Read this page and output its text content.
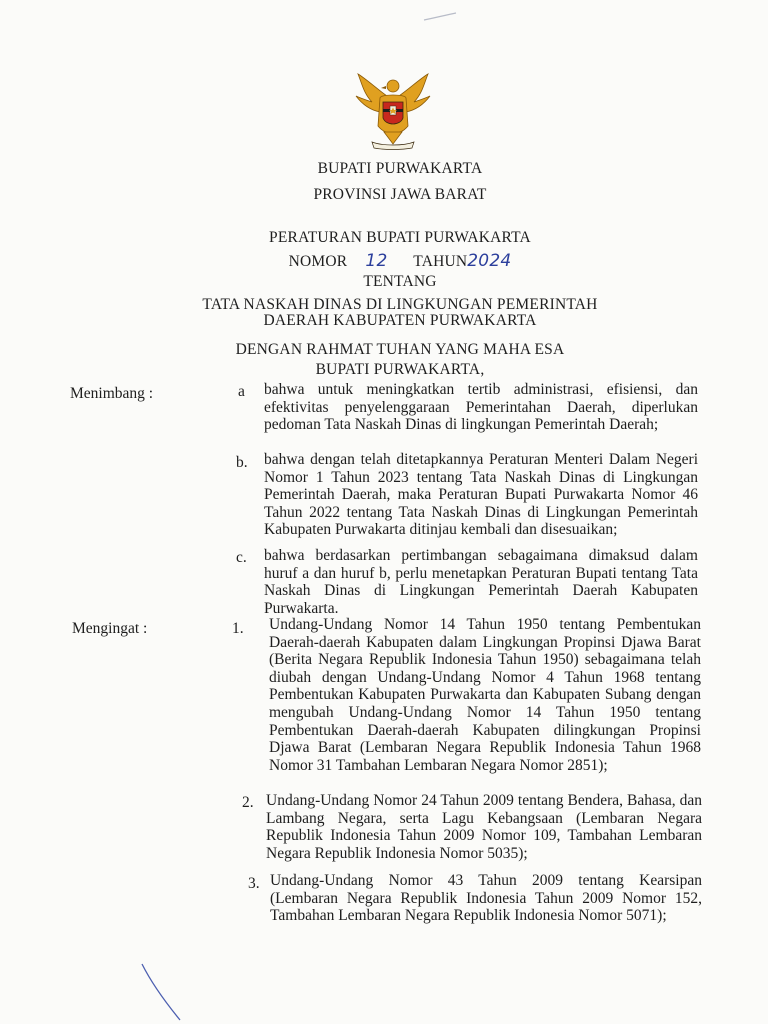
BUPATI PURWAKARTA
PROVINSI JAWA BARAT
PERATURAN BUPATI PURWAKARTA
NOMOR 12 TAHUN2024
TENTANG
TATA NASKAH DINAS DI LINGKUNGAN PEMERINTAH
DAERAH KABUPATEN PURWAKARTA
DENGAN RAHMAT TUHAN YANG MAHA ESA
BUPATI PURWAKARTA,
Menimbang :	a bahwa untuk meningkatkan tertib administrasi, efisiensi, dan efektivitas penyelenggaraan Pemerintahan Daerah, diperlukan pedoman Tata Naskah Dinas di lingkungan Pemerintah Daerah;

b. bahwa dengan telah ditetapkannya Peraturan Menteri Dalam Negeri Nomor 1 Tahun 2023 tentang Tata Naskah Dinas di Lingkungan Pemerintah Daerah, maka Peraturan Bupati Purwakarta Nomor 46 Tahun 2022 tentang Tata Naskah Dinas di Lingkungan Pemerintah Kabupaten Purwakarta ditinjau kembali dan disesuaikan;

c. bahwa berdasarkan pertimbangan sebagaimana dimaksud dalam huruf a dan huruf b, perlu menetapkan Peraturan Bupati tentang Tata Naskah Dinas di Lingkungan Pemerintah Daerah Kabupaten Purwakarta.

Mengingat :	1. Undang-Undang Nomor 14 Tahun 1950 tentang Pembentukan Daerah-daerah Kabupaten dalam Lingkungan Propinsi Djawa Barat (Berita Negara Republik Indonesia Tahun 1950) sebagaimana telah diubah dengan Undang-Undang Nomor 4 Tahun 1968 tentang Pembentukan Kabupaten Purwakarta dan Kabupaten Subang dengan mengubah Undang-Undang Nomor 14 Tahun 1950 tentang Pembentukan Daerah-daerah Kabupaten dilingkungan Propinsi Djawa Barat (Lembaran Negara Republik Indonesia Tahun 1968 Nomor 31 Tambahan Lembaran Negara Nomor 2851);

2. Undang-Undang Nomor 24 Tahun 2009 tentang Bendera, Bahasa, dan Lambang Negara, serta Lagu Kebangsaan (Lembaran Negara Republik Indonesia Tahun 2009 Nomor 109, Tambahan Lembaran Negara Republik Indonesia Nomor 5035);

3. Undang-Undang Nomor 43 Tahun 2009 tentang Kearsipan (Lembaran Negara Republik Indonesia Tahun 2009 Nomor 152, Tambahan Lembaran Negara Republik Indonesia Nomor 5071);
